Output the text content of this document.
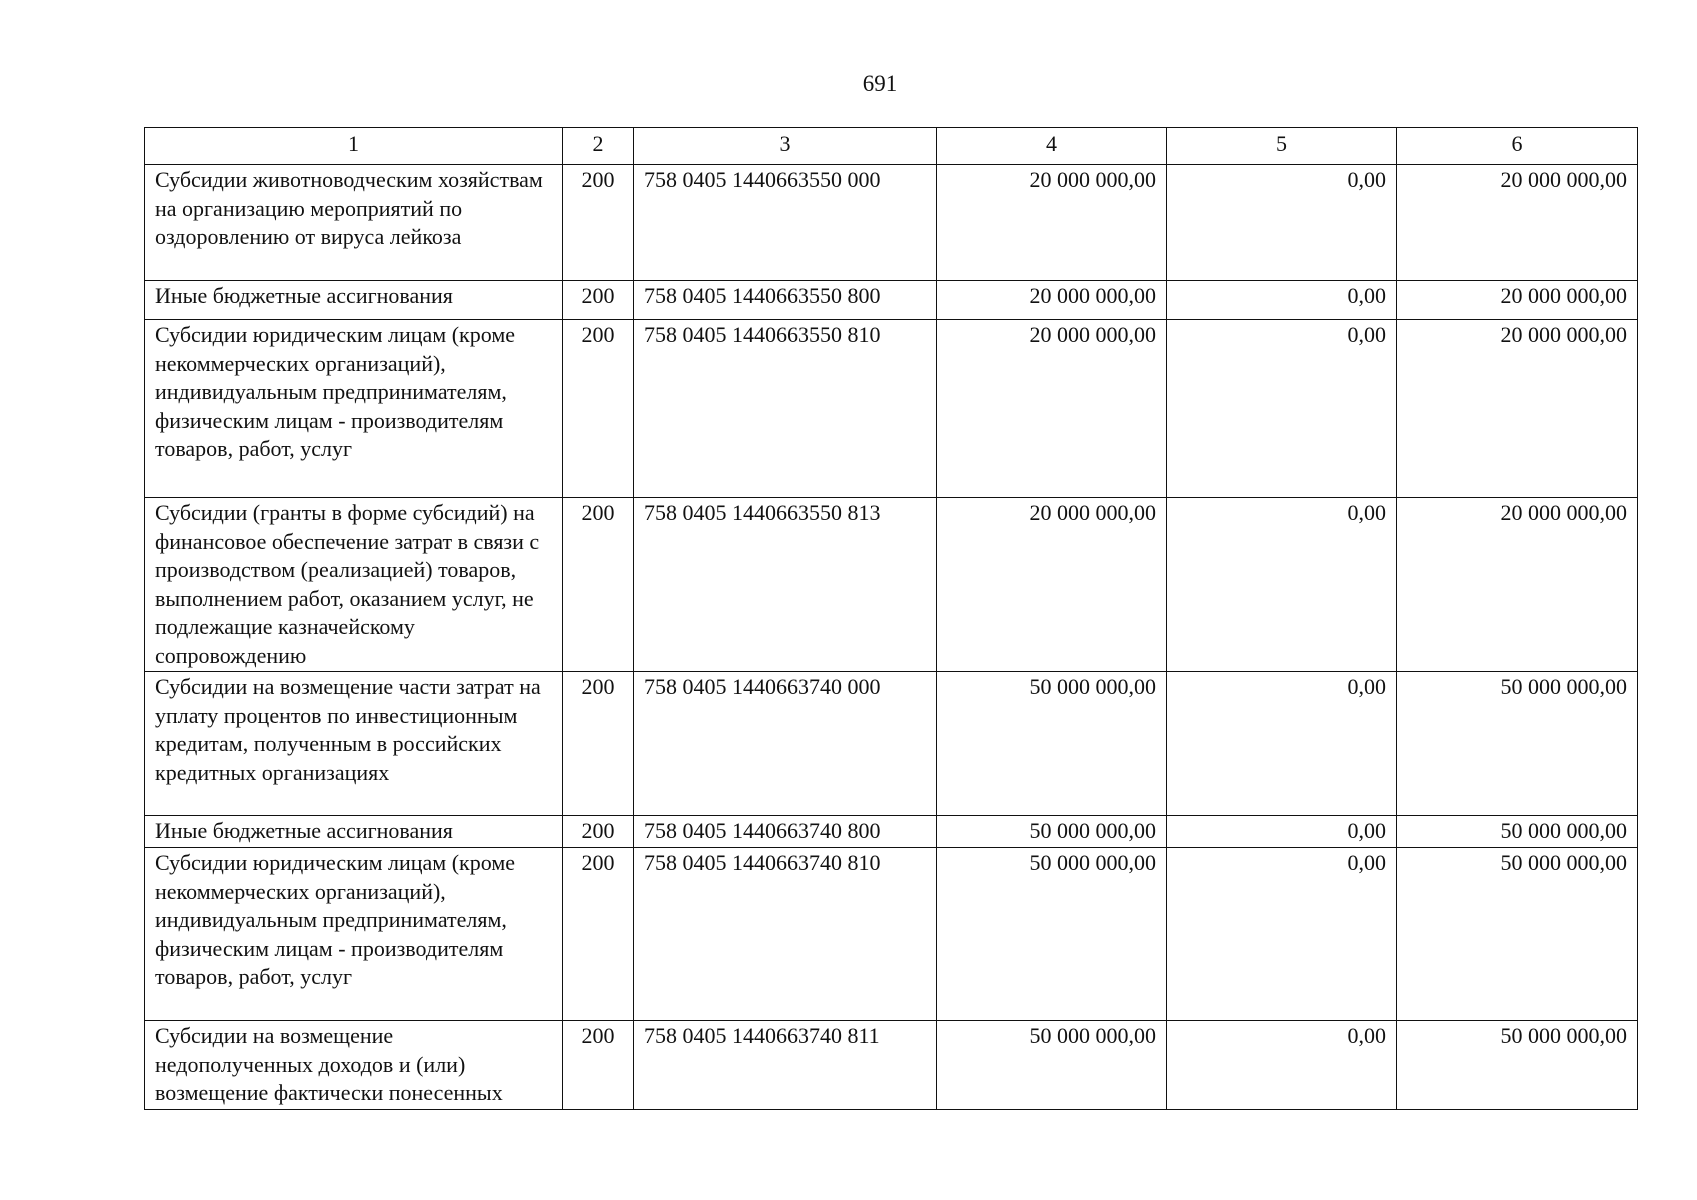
691
1	2	3	4	5	6
Субсидии животноводческим хозяйствам на организацию мероприятий по оздоровлению от вируса лейкоза	200	758 0405 1440663550 000	20 000 000,00	0,00	20 000 000,00
Иные бюджетные ассигнования	200	758 0405 1440663550 800	20 000 000,00	0,00	20 000 000,00
Субсидии юридическим лицам (кроме некоммерческих организаций), индивидуальным предпринимателям, физическим лицам - производителям товаров, работ, услуг	200	758 0405 1440663550 810	20 000 000,00	0,00	20 000 000,00
Субсидии (гранты в форме субсидий) на финансовое обеспечение затрат в связи с производством (реализацией) товаров, выполнением работ, оказанием услуг, не подлежащие казначейскому сопровождению	200	758 0405 1440663550 813	20 000 000,00	0,00	20 000 000,00
Субсидии на возмещение части затрат на уплату процентов по инвестиционным кредитам, полученным в российских кредитных организациях	200	758 0405 1440663740 000	50 000 000,00	0,00	50 000 000,00
Иные бюджетные ассигнования	200	758 0405 1440663740 800	50 000 000,00	0,00	50 000 000,00
Субсидии юридическим лицам (кроме некоммерческих организаций), индивидуальным предпринимателям, физическим лицам - производителям товаров, работ, услуг	200	758 0405 1440663740 810	50 000 000,00	0,00	50 000 000,00
Субсидии на возмещение недополученных доходов и (или) возмещение фактически понесенных	200	758 0405 1440663740 811	50 000 000,00	0,00	50 000 000,00
